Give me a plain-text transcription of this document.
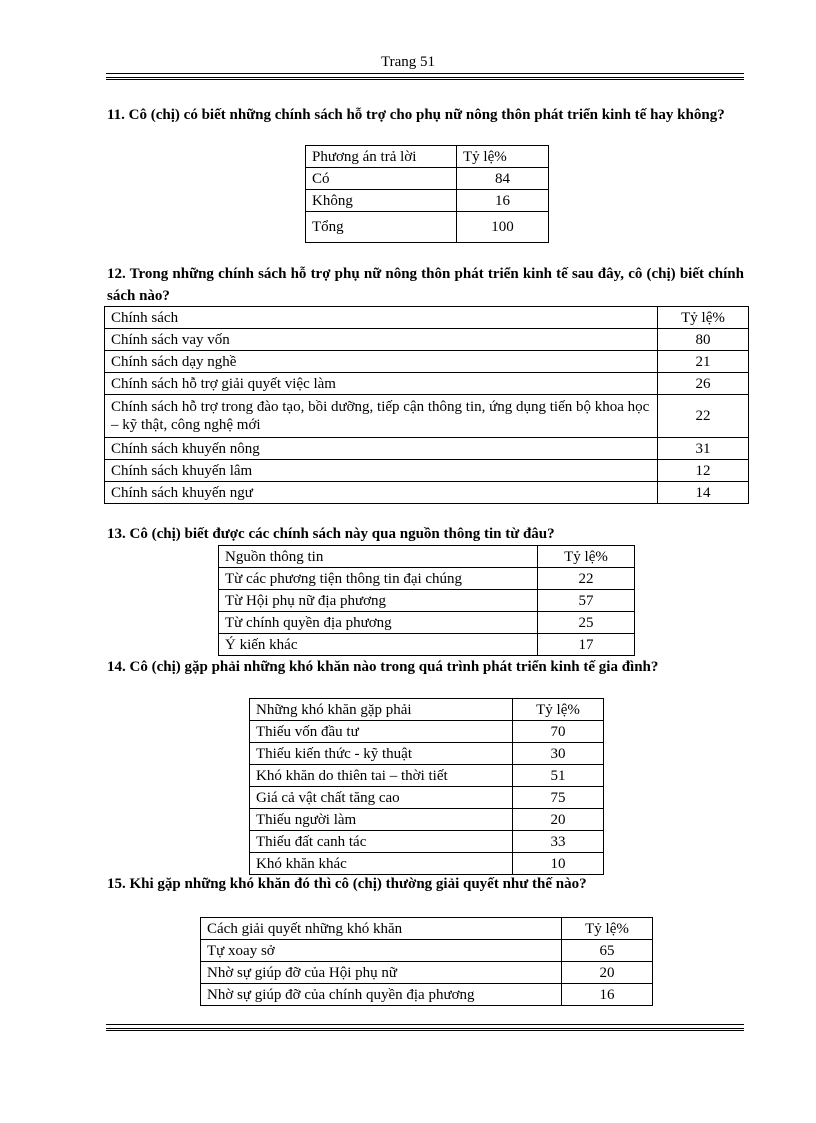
Trang 51
11. Cô (chị) có biết những chính sách hỗ trợ cho phụ nữ nông thôn phát triển kinh tế hay không?
Phương án trả lời	Tỷ lệ%
Có	84
Không	16
Tổng	100
12. Trong những chính sách hỗ trợ phụ nữ nông thôn phát triển kinh tế sau đây, cô (chị) biết chính sách nào?
Chính sách	Tỷ lệ%
Chính sách vay vốn	80
Chính sách dạy nghề	21
Chính sách hỗ trợ giải quyết việc làm	26
Chính sách hỗ trợ trong đào tạo, bồi dưỡng, tiếp cận thông tin, ứng dụng tiến bộ khoa học – kỹ thật, công nghệ mới	22
Chính sách khuyến nông	31
Chính sách khuyến lâm	12
Chính sách khuyến ngư	14
13. Cô (chị) biết được các chính sách này qua nguồn thông tin từ đâu?
Nguồn thông tin	Tỷ lệ%
Từ các phương tiện thông tin đại chúng	22
Từ Hội phụ nữ địa phương	57
Từ chính quyền địa phương	25
Ý kiến khác	17
14. Cô (chị) gặp phải những khó khăn nào trong quá trình phát triển kinh tế gia đình?
Những khó khăn gặp phải	Tỷ lệ%
Thiếu vốn đầu tư	70
Thiếu kiến thức - kỹ thuật	30
Khó khăn do thiên tai – thời tiết	51
Giá cả vật chất tăng cao	75
Thiếu người làm	20
Thiếu đất canh tác	33
Khó khăn khác	10
15. Khi gặp những khó khăn đó thì cô (chị) thường giải quyết như thế nào?
Cách giải quyết những khó khăn	Tỷ lệ%
Tự xoay sở	65
Nhờ sự giúp đỡ của Hội phụ nữ	20
Nhờ sự giúp đỡ của chính quyền địa phương	16
